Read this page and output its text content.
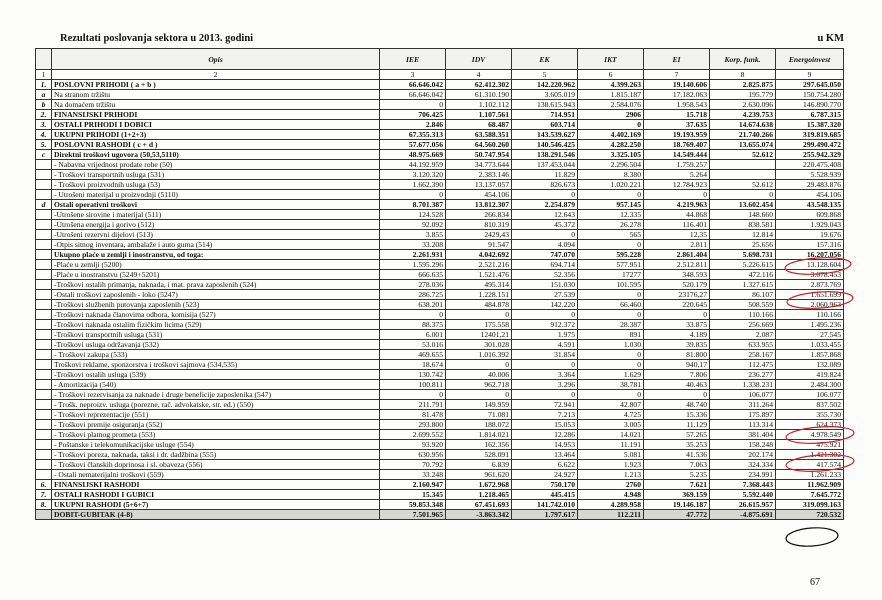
Rezultati poslovanja sektora u 2013. godini	u KM
	Opis	IEE	IDV	EK	IKT	EI	Korp. funk.	Energoinvest
1	2	3	4	5	6	7	8	9
1.	POSLOVNI PRIHODI ( a + b )	66.646.042	62.412.302	142.220.962	4.399.263	19.140.606	2.825.875	297.645.050
a	Na stranom tržištu	66.646.042	61.310.190	3.605.019	1.815.187	17.182.063	195.779	150.754.280
b	Na domaćem tržištu	0	1.102.112	138.615.943	2.584.076	1.958.543	2.630.096	146.890.770
2.	FINANSIJSKI PRIHODI	706.425	1.107.561	714.951	2906	15.718	4.239.753	6.787.315
3.	OSTALI PRIHODI I DOBICI	2.846	68.487	603.714	0	37.635	14.674.638	15.387.320
4.	UKUPNI PRIHODI (1+2+3)	67.355.313	63.588.351	143.539.627	4.402.169	19.193.959	21.740.266	319.819.685
5.	POSLOVNI RASHODI ( c + d )	57.677.056	64.560.260	140.546.425	4.282.250	18.769.407	13.655.074	299.490.472
c	Direktni troškovi ugovora (50,53,5110)	48.975.669	50.747.954	138.291.546	3.325.105	14.549.444	52.612	255.942.329
	- Nabavna vrijednost prodate robe (50)	44.192.959	34.773.644	137.453.044	2.296.504	1.759.257		220.475.408
	- Troškovi transportnih usluga (531)	3.120.320	2.383.146	11.829	8.380	5.264		5.528.939
	- Troškovi proizvodnih usluga (53)	1.662.390	13.137.057	826.673	1.020.221	12.784.923	52.612	29.483.876
	- Utrošeni materijal u proizvodnji (5110)	0	454.106	0	0	0	0	454.106
d	Ostali operativni troškovi	8.701.387	13.812.307	2.254.879	957.145	4.219.963	13.602.454	43.548.135
	-Utrošene sirovine i materijal (511)	124.528	266.834	12.643	12.335	44.868	148.660	609.868
	-Utrošena energija i gorivo (512)	92.092	810.319	45.372	26.278	116.401	838.581	1.929.043
	-Utrošeni rezervni dijelovi (513)	3.855	2429,43	0	565	12,35	12.814	19.676
	-Otpis sitnog inventara, ambalaže i auto guma (514)	33.208	91.547	4.094	0	2.811	25.656	157.316
	Ukupno plaće u zemlji i inostranstvu, od toga:	2.261.931	4.042.692	747.070	595.228	2.861.404	5.698.731	16.207.056
	-Plaće u zemlji (5200)	1.595.296	2.521.216	694.714	577.951	2.512.811	5.226.615	13.128.604
	-Plaće u inostranstvu (5249+5201)	666.635	1.521.476	52.356	17277	348.593	472.116	3.078.453
	-Troškovi ostalih primanja, naknada, i mat. prava zaposlenih (524)	278.036	495.314	151.030	101.595	520.179	1.327.615	2.873.769
	-Ostali troškovi zaposlenih - loko (5247)	286.725	1.228.151	27.539	0	23176,27	86.107	1.651.699
	-Troškovi službenih putovanja zaposlenih (523)	638.201	484.878	142.220	66.460	220.645	508.559	2.060.963
	-Troškovi naknada članovima odbora, komisija (527)	0	0	0	0	0	110.166	110.166
	-Troškovi naknada ostalim fizičkim licima (529)	88.375	175.558	912.372	28.387	33.875	256.669	1.495.236
	-Troškovi transportnih usluga (531)	6.001	12401,21	1.975	891	4.189	2.087	27.545
	-Troškovi usluga održavanja (532)	53.016	301.028	4.591	1.030	39.835	633.955	1.033.455
	- Troškovi zakupa (533)	469.655	1.016.392	31.854	0	81.800	258.167	1.857.868
	Troškovi reklame, sponzorstva i troškovi sajmova (534,535)	18.674	0	0	0	940,17	112.475	132.089
	-Troškovi ostalih usluga (539)	130.742	40.006	3.364	1.629	7.806	236.277	419.824
	- Amortizacija (540)	100.811	962.718	3.296	38.781	40.463	1.338.231	2.484.300
	- Troškovi rezervisanja za naknade i druge beneficije zaposlenika (547)	0	0	0	0	0	106.077	106.077
	- Trošk. neproizv. usluga (porezne, rač. advokatske, str. ed.) (550)	211.791	149.959	72.941	42.807	48.740	311.264	837.502
	- Troškovi reprezentacije (551)	81.478	71.081	7.213	4.725	15.336	175.897	355.730
	- Troškovi premije osiguranja (552)	293.800	188.072	15.053	3.005	11.129	113.314	624.373
	- Troškovi platnog prometa (553)	2.699.552	1.814.021	12.286	14.021	57.265	381.404	4.978.549
	- Poštanske i telekomunikacijske usluge (554)	93.920	162.356	14.953	11.191	35.253	158.248	475.921
	- Troškovi poreza, naknada, taksi i dr. dadžbina (555)	630.956	528.091	13.464	5.081	41.536	202.174	1.421.302
	- Troškovi članskih doprinosa i sl. obaveza (556)	70.792	6.839	6.622	1.923	7.063	324.334	417.574
	- Ostali nematerijalni troškovi (559)	33.248	961.620	24.927	1.213	5.235	234.991	1.261.233
6.	FINANSIJSKI RASHODI	2.160.947	1.672.968	750.170	2760	7.621	7.368.443	11.962.909
7.	OSTALI RASHODI I GUBICI	15.345	1.218.465	445.415	4.948	369.159	5.592.440	7.645.772
8.	UKUPNI RASHODI (5+6+7)	59.853.348	67.451.693	141.742.010	4.289.958	19.146.187	26.615.957	319.099.163
	DOBIT-GUBITAK (4-8)	7.501.965	-3.863.342	1.797.617	112.211	47.772	-4.875.691	720.532
67
